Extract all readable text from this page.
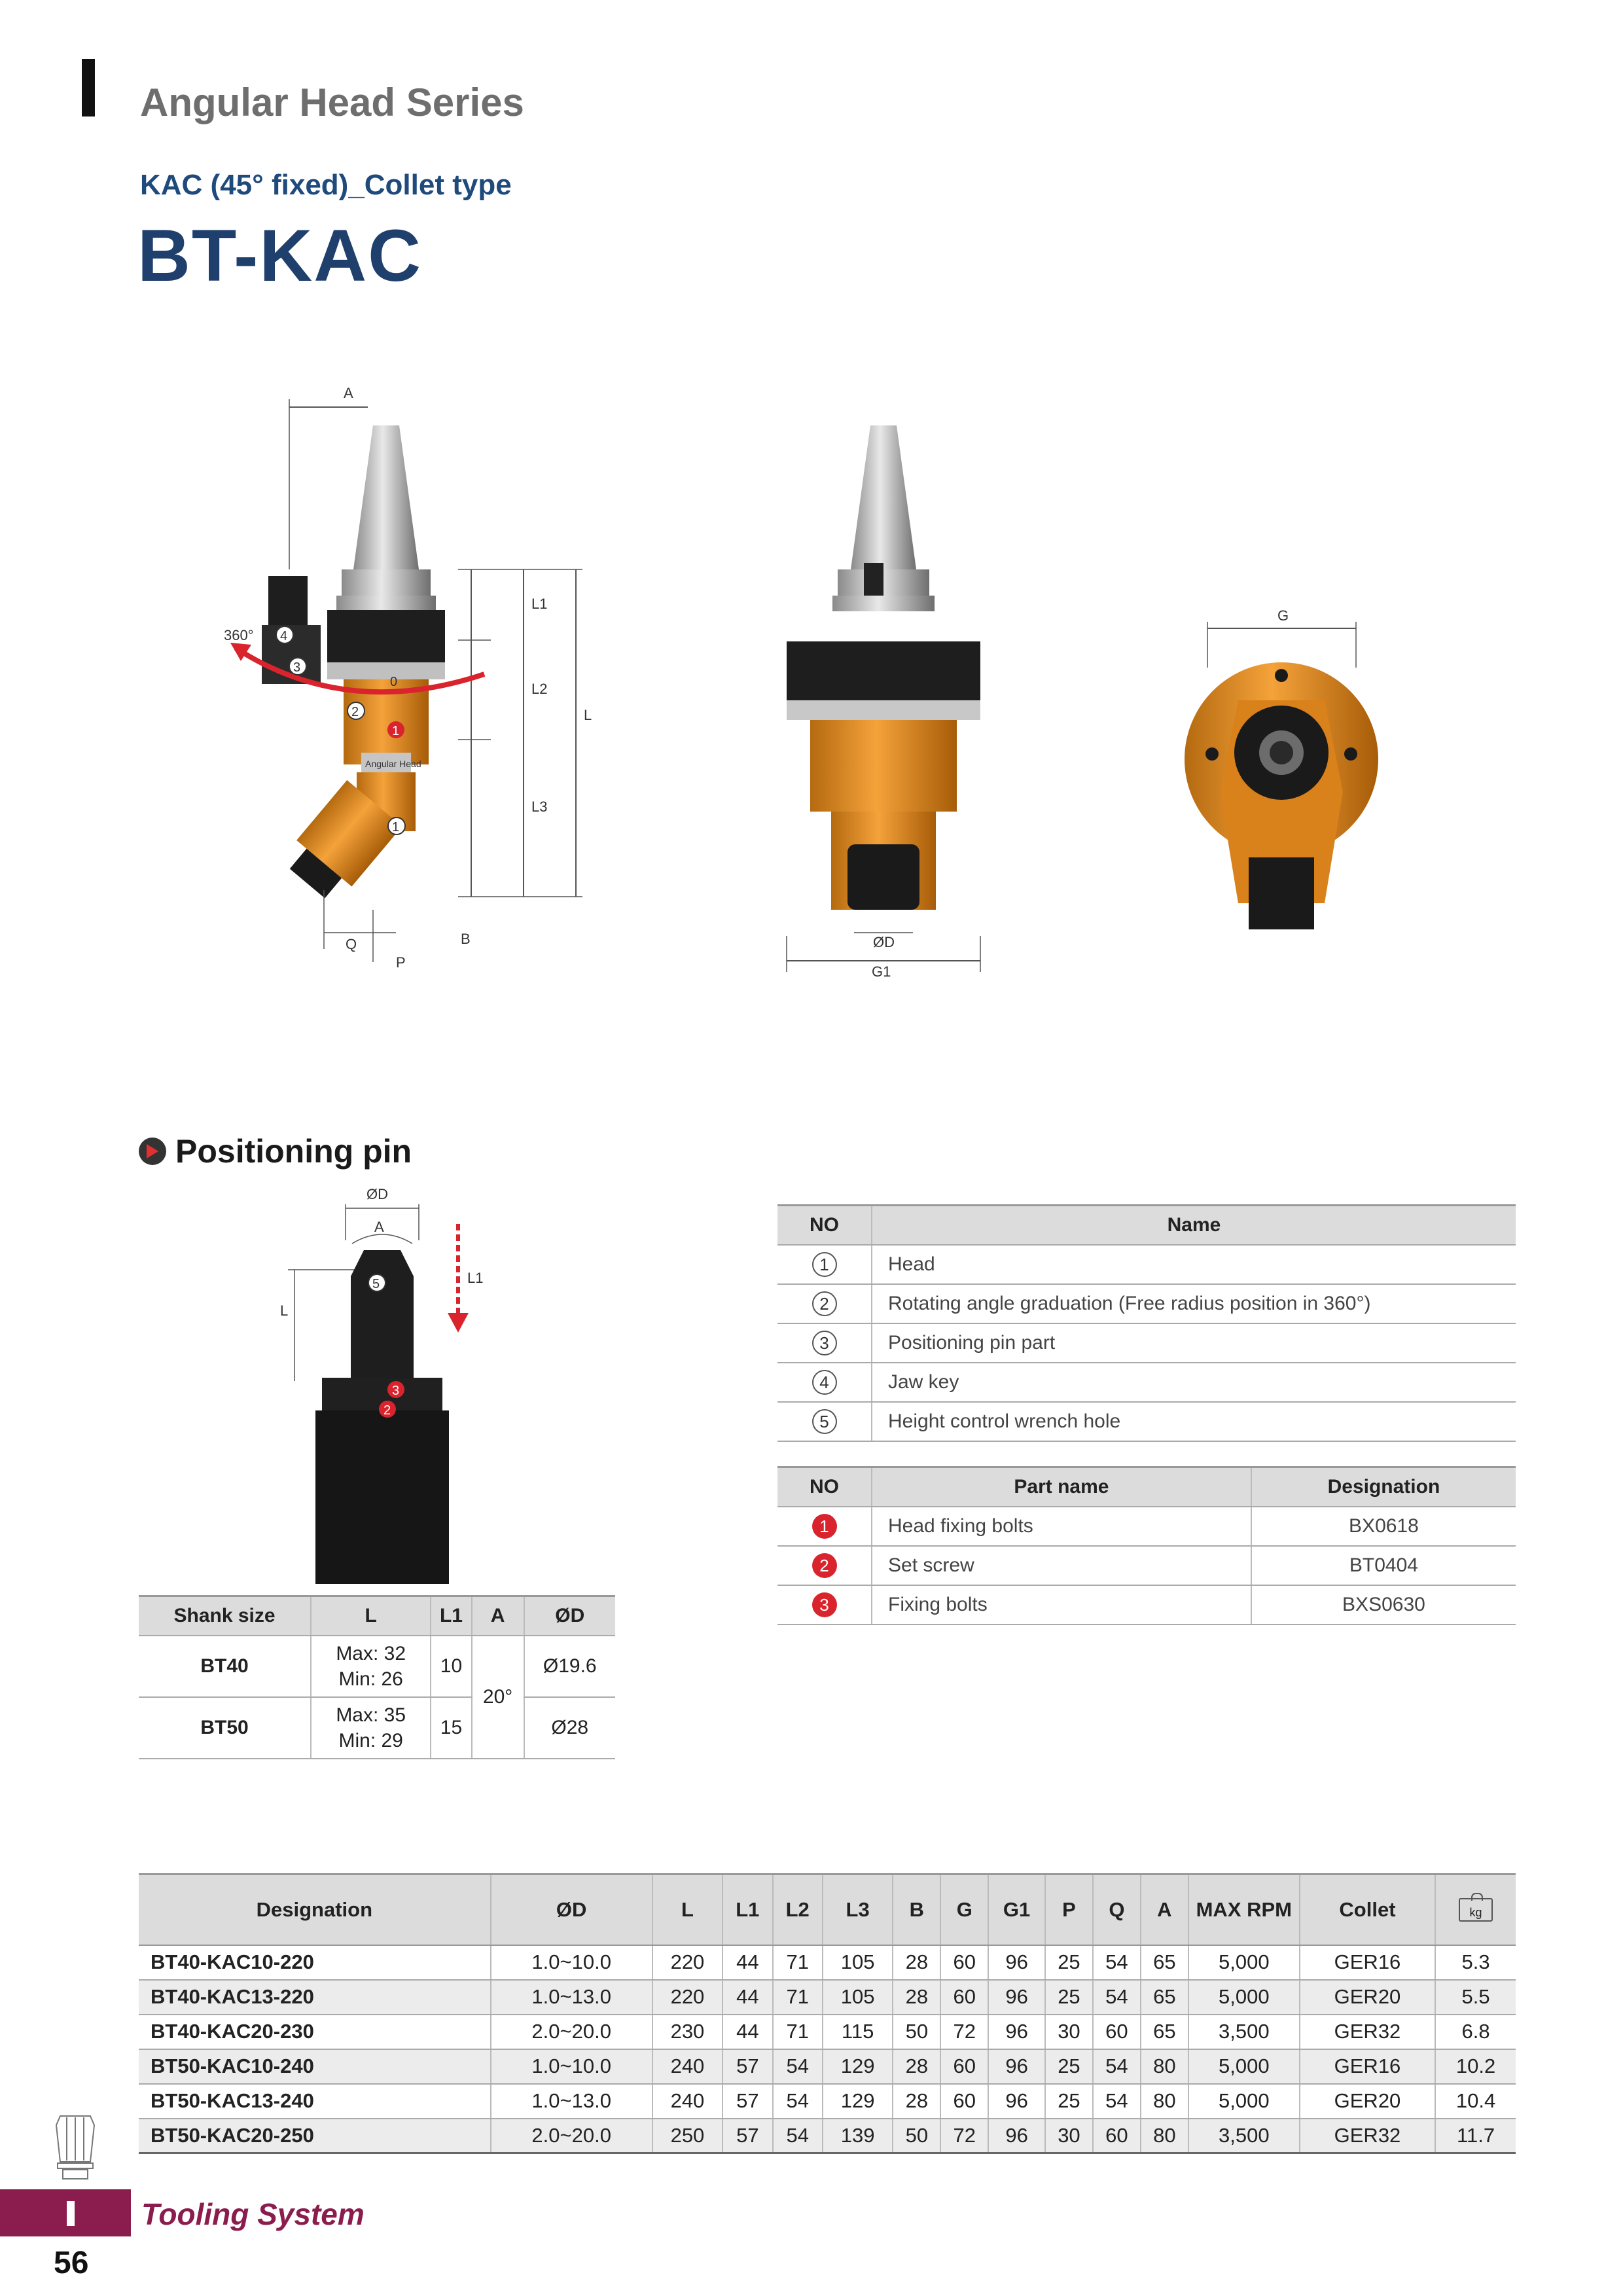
Angular Head Series
KAC (45° fixed)_Collet type
BT-KAC
A
L1
L2
L3
L
Angular Head
360°
0
4
3
2
1
1
Q
P
B	ØD
G1
G
Positioning pin
ØD
A
L
L1
5
3
2
Shank size	L	L1	A	ØD
BT40	Max: 32
Min: 26	10	20°	Ø19.6
BT50	Max: 35
Min: 29	15		Ø28
NO	Name
1	Head
2	Rotating angle graduation (Free radius position in 360°)
3	Positioning pin part
4	Jaw key
5	Height control wrench hole
NO	Part name	Designation
1	Head fixing bolts	BX0618
2	Set screw	BT0404
3	Fixing bolts	BXS0630
Designation	ØD	L	L1	L2	L3	B	G	G1	P	Q	A	MAX RPM	Collet	kg
BT40-KAC10-220	1.0~10.0	220	44	71	105	28	60	96	25	54	65	5,000	GER16	5.3
BT40-KAC13-220	1.0~13.0	220	44	71	105	28	60	96	25	54	65	5,000	GER20	5.5
BT40-KAC20-230	2.0~20.0	230	44	71	115	50	72	96	30	60	65	3,500	GER32	6.8
BT50-KAC10-240	1.0~10.0	240	57	54	129	28	60	96	25	54	80	5,000	GER16	10.2
BT50-KAC13-240	1.0~13.0	240	57	54	129	28	60	96	25	54	80	5,000	GER20	10.4
BT50-KAC20-250	2.0~20.0	250	57	54	139	50	72	96	30	60	80	3,500	GER32	11.7
Tooling System
56
